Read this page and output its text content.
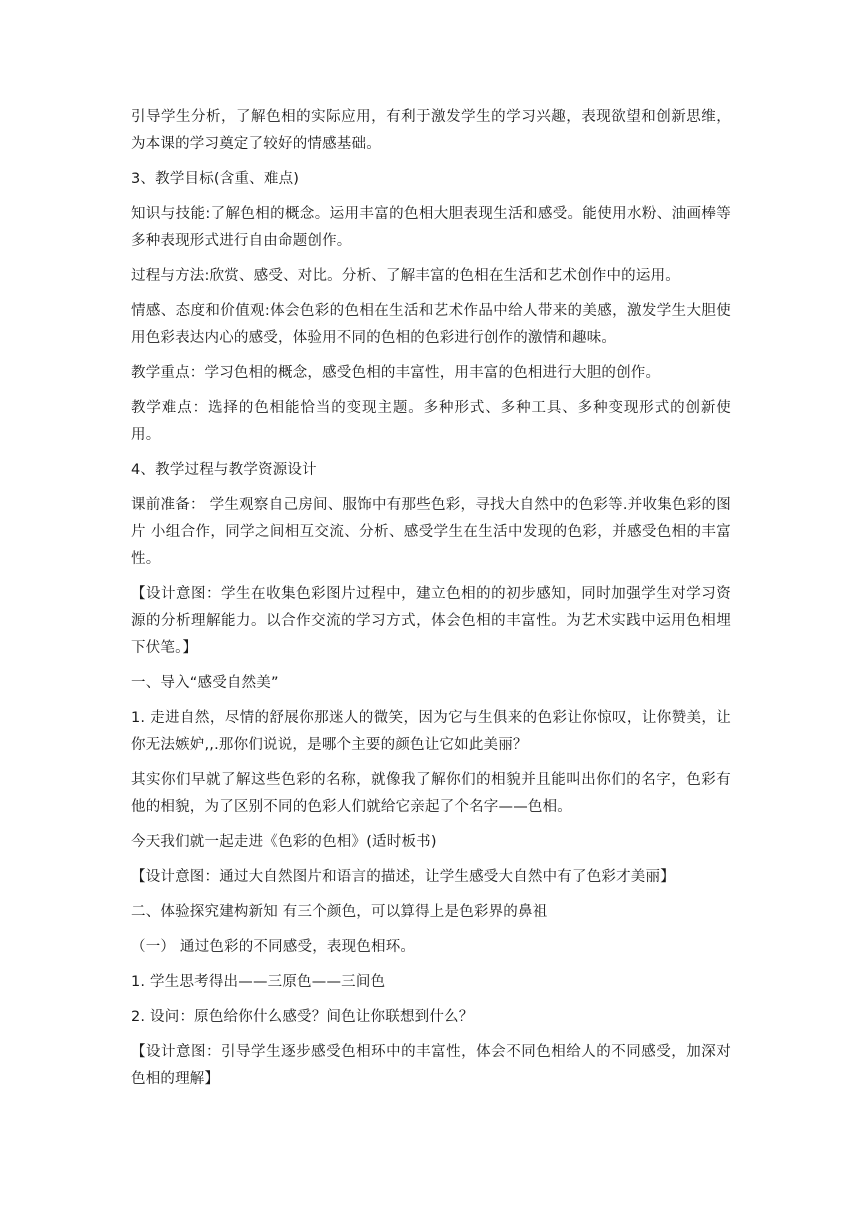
引导学生分析，了解色相的实际应用，有利于激发学生的学习兴趣，表现欲望和创新思维，为本课的学习奠定了较好的情感基础。

3、教学目标(含重、难点)

知识与技能:了解色相的概念。运用丰富的色相大胆表现生活和感受。能使用水粉、油画棒等多种表现形式进行自由命题创作。

过程与方法:欣赏、感受、对比。分析、了解丰富的色相在生活和艺术创作中的运用。

情感、态度和价值观:体会色彩的色相在生活和艺术作品中给人带来的美感，激发学生大胆使用色彩表达内心的感受，体验用不同的色相的色彩进行创作的激情和趣味。

教学重点：学习色相的概念，感受色相的丰富性，用丰富的色相进行大胆的创作。

教学难点：选择的色相能恰当的变现主题。多种形式、多种工具、多种变现形式的创新使用。

4、教学过程与教学资源设计

课前准备： 学生观察自己房间、服饰中有那些色彩，寻找大自然中的色彩等.并收集色彩的图片 小组合作，同学之间相互交流、分析、感受学生在生活中发现的色彩，并感受色相的丰富性。

【设计意图：学生在收集色彩图片过程中，建立色相的的初步感知，同时加强学生对学习资源的分析理解能力。以合作交流的学习方式，体会色相的丰富性。为艺术实践中运用色相埋下伏笔。】

一、导入“感受自然美”

1. 走进自然，尽情的舒展你那迷人的微笑，因为它与生俱来的色彩让你惊叹，让你赞美，让你无法嫉妒,,.那你们说说，是哪个主要的颜色让它如此美丽？

其实你们早就了解这些色彩的名称，就像我了解你们的相貌并且能叫出你们的名字，色彩有他的相貌，为了区别不同的色彩人们就给它亲起了个名字——色相。

今天我们就一起走进《色彩的色相》(适时板书)

【设计意图：通过大自然图片和语言的描述，让学生感受大自然中有了色彩才美丽】

二、体验探究建构新知 有三个颜色，可以算得上是色彩界的鼻祖

（一） 通过色彩的不同感受，表现色相环。

1. 学生思考得出——三原色——三间色

2. 设问：原色给你什么感受？间色让你联想到什么？

【设计意图：引导学生逐步感受色相环中的丰富性，体会不同色相给人的不同感受，加深对色相的理解】
